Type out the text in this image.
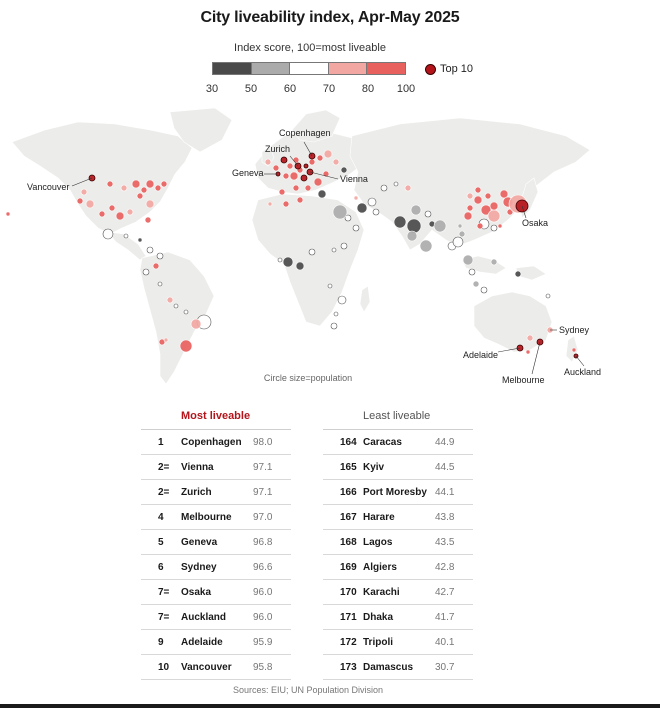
City liveability index, Apr-May 2025
Index score, 100=most liveable
30 50 60 70 80 100
Top 10
Copenhagen
Zurich
Geneva
Vienna
Vancouver
Osaka
Sydney
Adelaide
Melbourne
Auckland
Circle size=population
Most liveable
1	Copenhagen	98.0
2=	Vienna	97.1
2=	Zurich	97.1
4	Melbourne	97.0
5	Geneva	96.8
6	Sydney	96.6
7=	Osaka	96.0
7=	Auckland	96.0
9	Adelaide	95.9
10	Vancouver	95.8
Least liveable
164 Caracas	44.9
165 Kyiv	44.5
166 Port Moresby 44.1
167 Harare	43.8
168 Lagos	43.5
169 Algiers	42.8
170 Karachi	42.7
171 Dhaka	41.7
172 Tripoli	40.1
173 Damascus	30.7
Sources: EIU; UN Population Division
